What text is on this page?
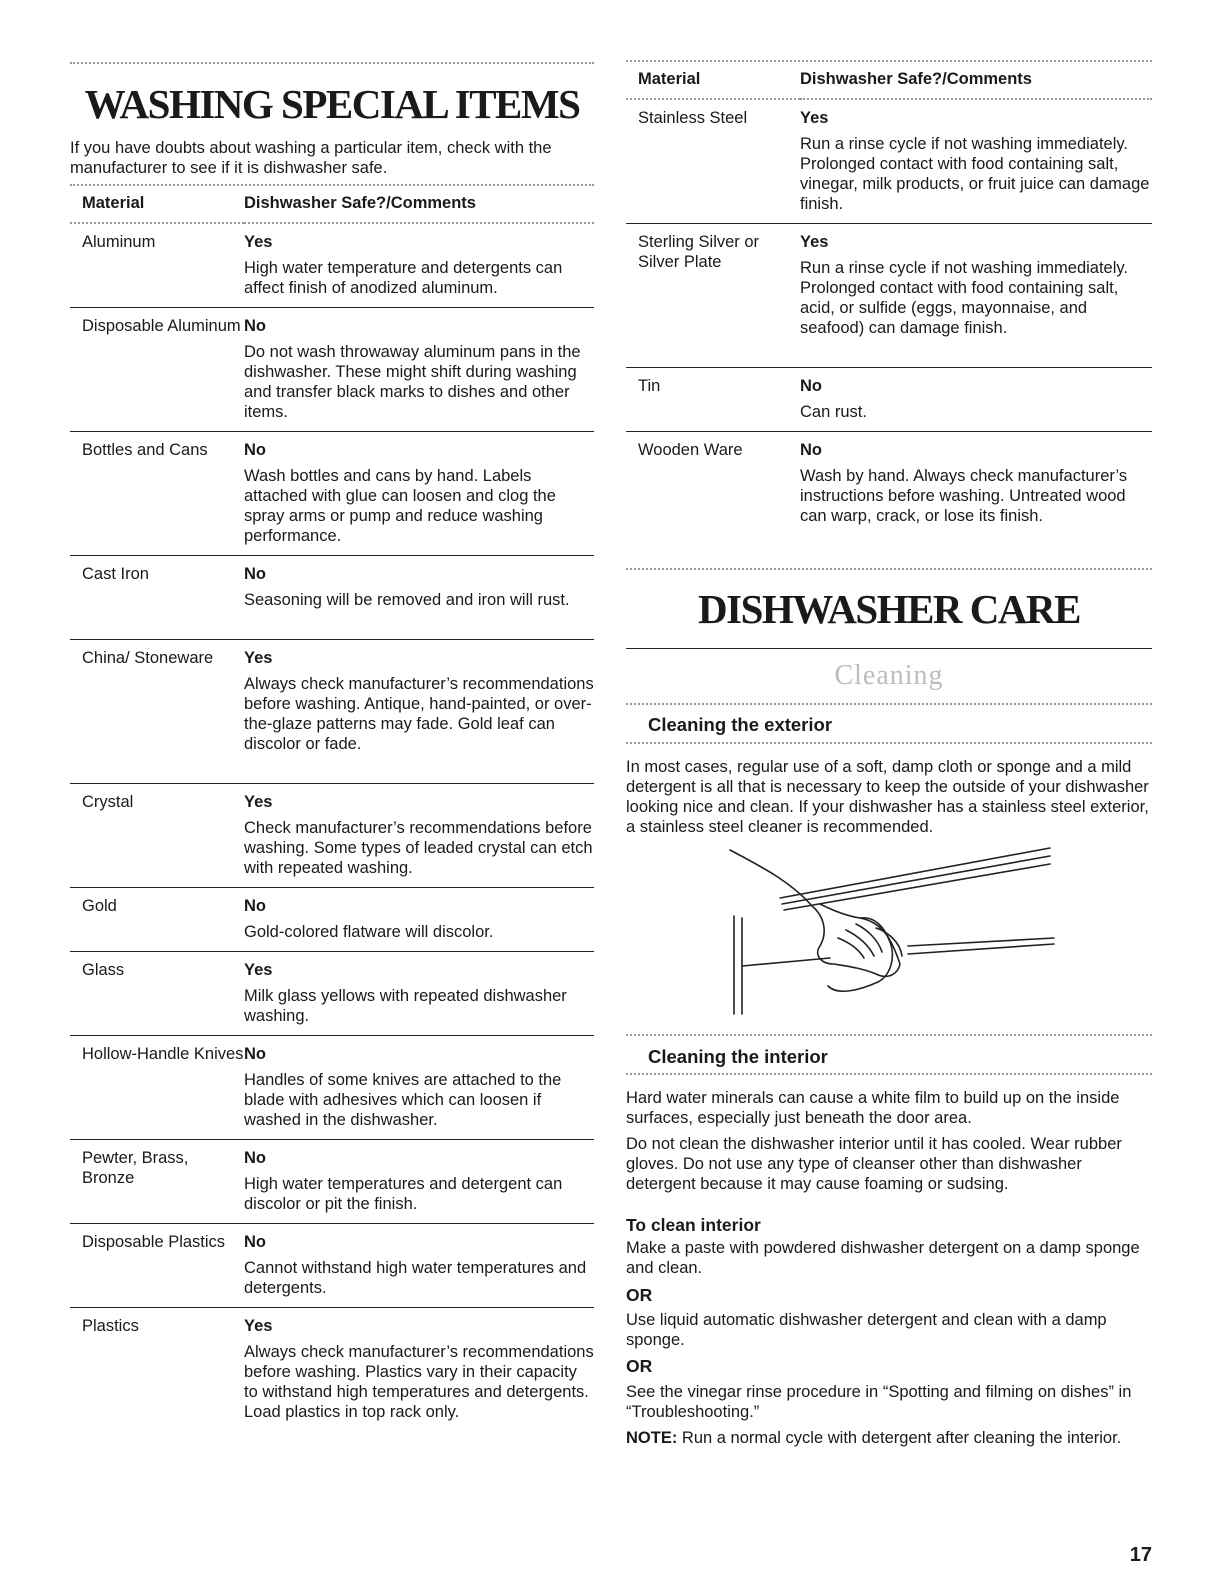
WASHING SPECIAL ITEMS

If you have doubts about washing a particular item, check with the manufacturer to see if it is dishwasher safe.

Material	Dishwasher Safe?/Comments
Aluminum	Yes
High water temperature and detergents can affect finish of anodized aluminum.

Disposable Aluminum	No
Do not wash throwaway aluminum pans in the dishwasher. These might shift during washing and transfer black marks to dishes and other items.

Bottles and Cans	No
Wash bottles and cans by hand. Labels attached with glue can loosen and clog the spray arms or pump and reduce washing performance.

Cast Iron	No
Seasoning will be removed and iron will rust.

China/ Stoneware	Yes
Always check manufacturer’s recommendations before washing. Antique, hand-painted, or over-the-glaze patterns may fade. Gold leaf can discolor or fade.

Crystal	Yes
Check manufacturer’s recommendations before washing. Some types of leaded crystal can etch with repeated washing.

Gold	No
Gold-colored flatware will discolor.

Glass	Yes
Milk glass yellows with repeated dishwasher washing.

Hollow-Handle Knives	No
Handles of some knives are attached to the blade with adhesives which can loosen if washed in the dishwasher.

Pewter, Brass, Bronze	No
High water temperatures and detergent can discolor or pit the finish.

Disposable Plastics	No
Cannot withstand high water temperatures and detergents.

Plastics	Yes
Always check manufacturer’s recommendations before washing. Plastics vary in their capacity to withstand high temperatures and detergents. Load plastics in top rack only.
Material	Dishwasher Safe?/Comments
Stainless Steel	Yes
Run a rinse cycle if not washing immediately. Prolonged contact with food containing salt, vinegar, milk products, or fruit juice can damage finish.

Sterling Silver or Silver Plate	Yes
Run a rinse cycle if not washing immediately. Prolonged contact with food containing salt, acid, or sulfide (eggs, mayonnaise, and seafood) can damage finish.

Tin	No
Can rust.

Wooden Ware	No
Wash by hand. Always check manufacturer’s instructions before washing. Untreated wood can warp, crack, or lose its finish.
DISHWASHER CARE
Cleaning
Cleaning the exterior

In most cases, regular use of a soft, damp cloth or sponge and a mild detergent is all that is necessary to keep the outside of your dishwasher looking nice and clean. If your dishwasher has a stainless steel exterior, a stainless steel cleaner is recommended.

Cleaning the interior

Hard water minerals can cause a white film to build up on the inside surfaces, especially just beneath the door area.

Do not clean the dishwasher interior until it has cooled. Wear rubber gloves. Do not use any type of cleanser other than dishwasher detergent because it may cause foaming or sudsing.

To clean interior

Make a paste with powdered dishwasher detergent on a damp sponge and clean.

OR

Use liquid automatic dishwasher detergent and clean with a damp sponge.

OR

See the vinegar rinse procedure in “Spotting and filming on dishes” in “Troubleshooting.”

NOTE: Run a normal cycle with detergent after cleaning the interior.

17
